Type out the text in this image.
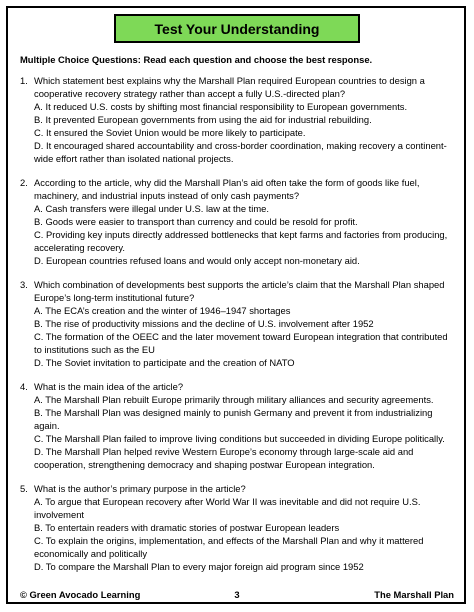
Test Your Understanding
Multiple Choice Questions: Read each question and choose the best response.
1. Which statement best explains why the Marshall Plan required European countries to design a cooperative recovery strategy rather than accept a fully U.S.-directed plan?
A. It reduced U.S. costs by shifting most financial responsibility to European governments.
B. It prevented European governments from using the aid for industrial rebuilding.
C. It ensured the Soviet Union would be more likely to participate.
D. It encouraged shared accountability and cross-border coordination, making recovery a continent-wide effort rather than isolated national projects.
2. According to the article, why did the Marshall Plan’s aid often take the form of goods like fuel, machinery, and industrial inputs instead of only cash payments?
A. Cash transfers were illegal under U.S. law at the time.
B. Goods were easier to transport than currency and could be resold for profit.
C. Providing key inputs directly addressed bottlenecks that kept farms and factories from producing, accelerating recovery.
D. European countries refused loans and would only accept non-monetary aid.
3. Which combination of developments best supports the article’s claim that the Marshall Plan shaped Europe’s long-term institutional future?
A. The ECA’s creation and the winter of 1946–1947 shortages
B. The rise of productivity missions and the decline of U.S. involvement after 1952
C. The formation of the OEEC and the later movement toward European integration that contributed to institutions such as the EU
D. The Soviet invitation to participate and the creation of NATO
4. What is the main idea of the article?
A. The Marshall Plan rebuilt Europe primarily through military alliances and security agreements.
B. The Marshall Plan was designed mainly to punish Germany and prevent it from industrializing again.
C. The Marshall Plan failed to improve living conditions but succeeded in dividing Europe politically.
D. The Marshall Plan helped revive Western Europe’s economy through large-scale aid and cooperation, strengthening democracy and shaping postwar European integration.
5. What is the author’s primary purpose in the article?
A. To argue that European recovery after World War II was inevitable and did not require U.S. involvement
B. To entertain readers with dramatic stories of postwar European leaders
C. To explain the origins, implementation, and effects of the Marshall Plan and why it mattered economically and politically
D. To compare the Marshall Plan to every major foreign aid program since 1952
© Green Avocado Learning	3	The Marshall Plan
